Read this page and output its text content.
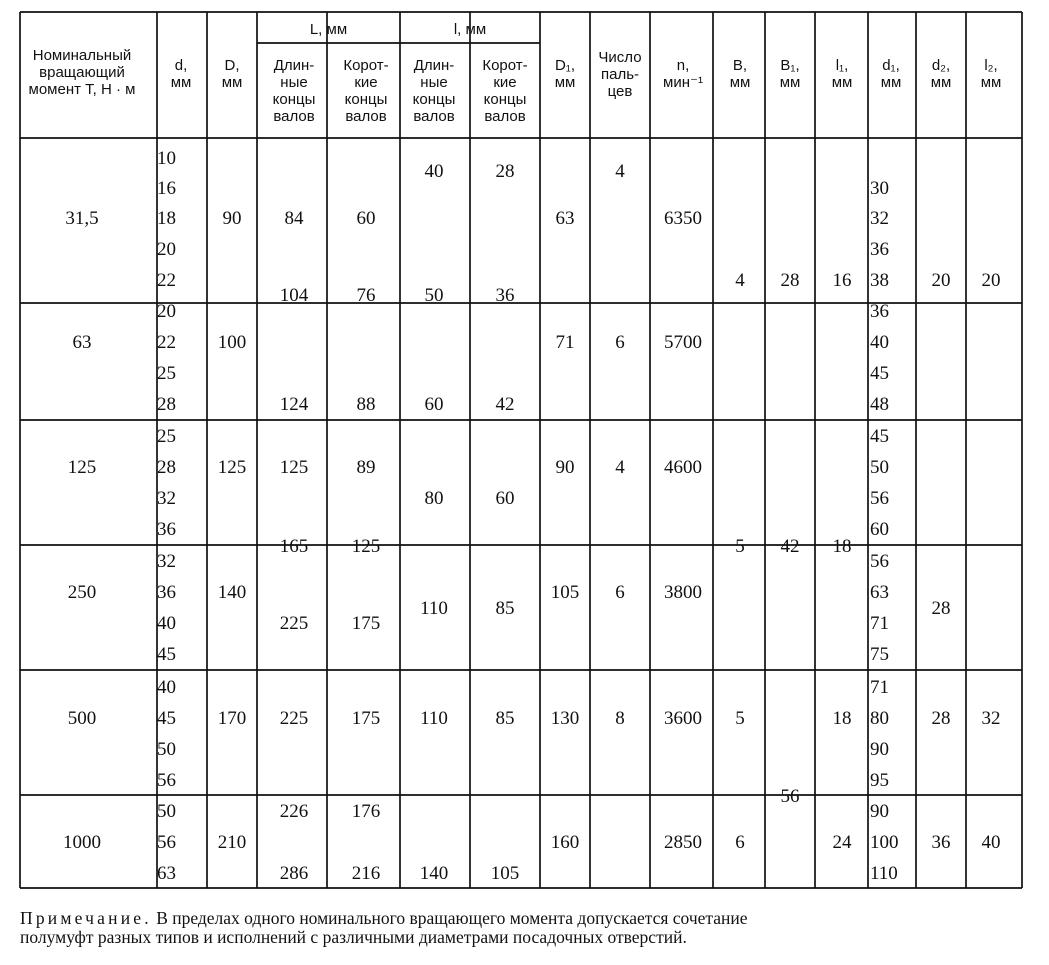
Номинальный
вращающий
момент T, Н · м
d,
мм
D,
мм
L, мм	l, мм
Длин-
ные
концы
валов
Корот-
кие
концы
валов
Длин-
ные
концы
валов
Корот-
кие
концы
валов
D₁,
мм
Число
паль-
цев
n,
мин⁻¹
B,
мм
B₁,
мм
l₁,
мм
d₁,
мм
d₂,
мм
l₂,
мм
31,5
63
125
250
500
1000
10
16
18
20
22
20
22
25
28
25
28
32
36
32
36
40
45
40
45
50
56
50
56
63
90
100
125
140
170
210
84
104
124
125
165
225
225
226
286
60
76
88
89
125
175
175
176
216
40
50
60
80
110
110
140
28
36
42
60
85
85
105
63
71
90
105
130
160
4
6
4
6
8
6350
5700
4600
3800
3600
2850
4
5
5
6
28
42
56
16
18
18
24
30
32
36
38
36
40
45
48
45
50
56
60
56
63
71
75
71
80
90
95
90
100
110
20
28
28
36
20
32
40
Примечание. В пределах одного номинального вращающего момента допускается сочетание
полумуфт разных типов и исполнений с различными диаметрами посадочных отверстий.
